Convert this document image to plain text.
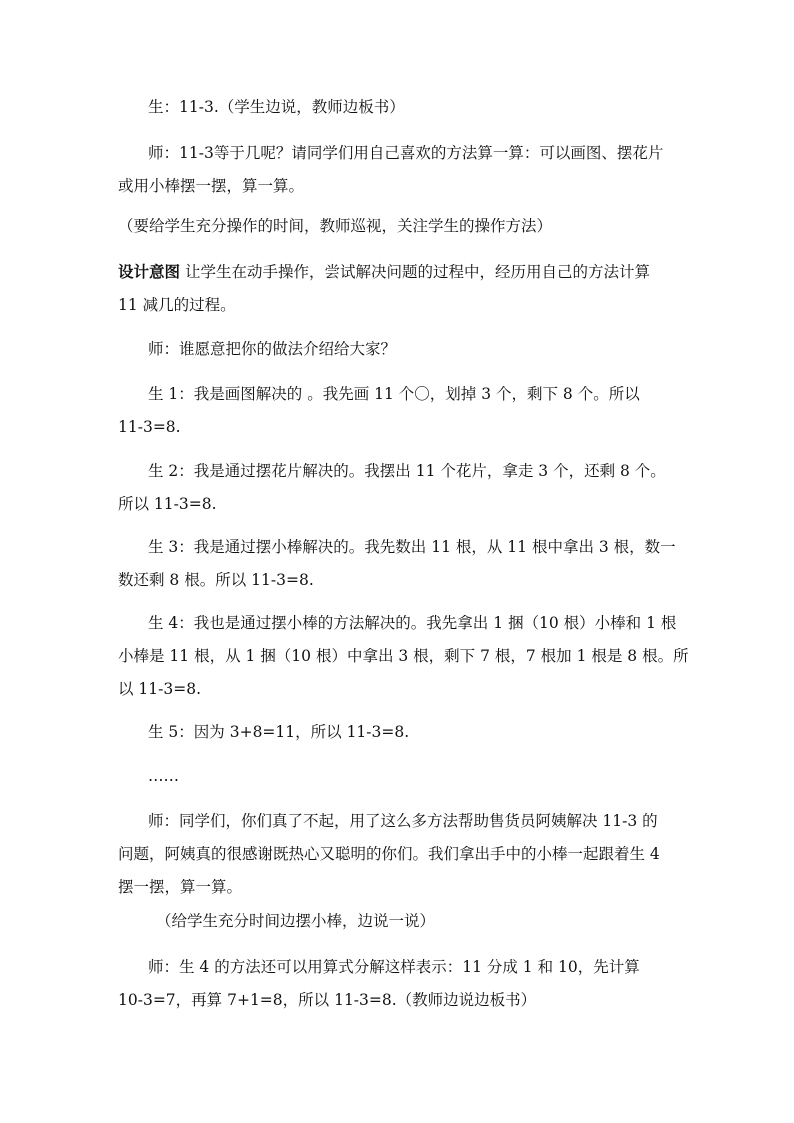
生：11-3.（学生边说，教师边板书）

师：11-3等于几呢？请同学们用自己喜欢的方法算一算：可以画图、摆花片

或用小棒摆一摆，算一算。

（要给学生充分操作的时间，教师巡视，关注学生的操作方法）

设计意图 让学生在动手操作，尝试解决问题的过程中，经历用自己的方法计算

11 减几的过程。

师：谁愿意把你的做法介绍给大家？

生 1：我是画图解决的 。我先画 11 个〇，划掉 3 个，剩下 8 个。所以

11-3=8.

生 2：我是通过摆花片解决的。我摆出 11 个花片，拿走 3 个，还剩 8 个。

所以 11-3=8.

生 3：我是通过摆小棒解决的。我先数出 11 根，从 11 根中拿出 3 根，数一

数还剩 8 根。所以 11-3=8.

生 4：我也是通过摆小棒的方法解决的。我先拿出 1 捆（10 根）小棒和 1 根

小棒是 11 根，从 1 捆（10 根）中拿出 3 根，剩下 7 根，7 根加 1 根是 8 根。所

以 11-3=8.

生 5：因为 3+8=11，所以 11-3=8.

……

师：同学们，你们真了不起，用了这么多方法帮助售货员阿姨解决 11-3 的

问题，阿姨真的很感谢既热心又聪明的你们。我们拿出手中的小棒一起跟着生 4

摆一摆，算一算。

（给学生充分时间边摆小棒，边说一说）

师：生 4 的方法还可以用算式分解这样表示：11 分成 1 和 10，先计算

10-3=7，再算 7+1=8，所以 11-3=8.（教师边说边板书）
